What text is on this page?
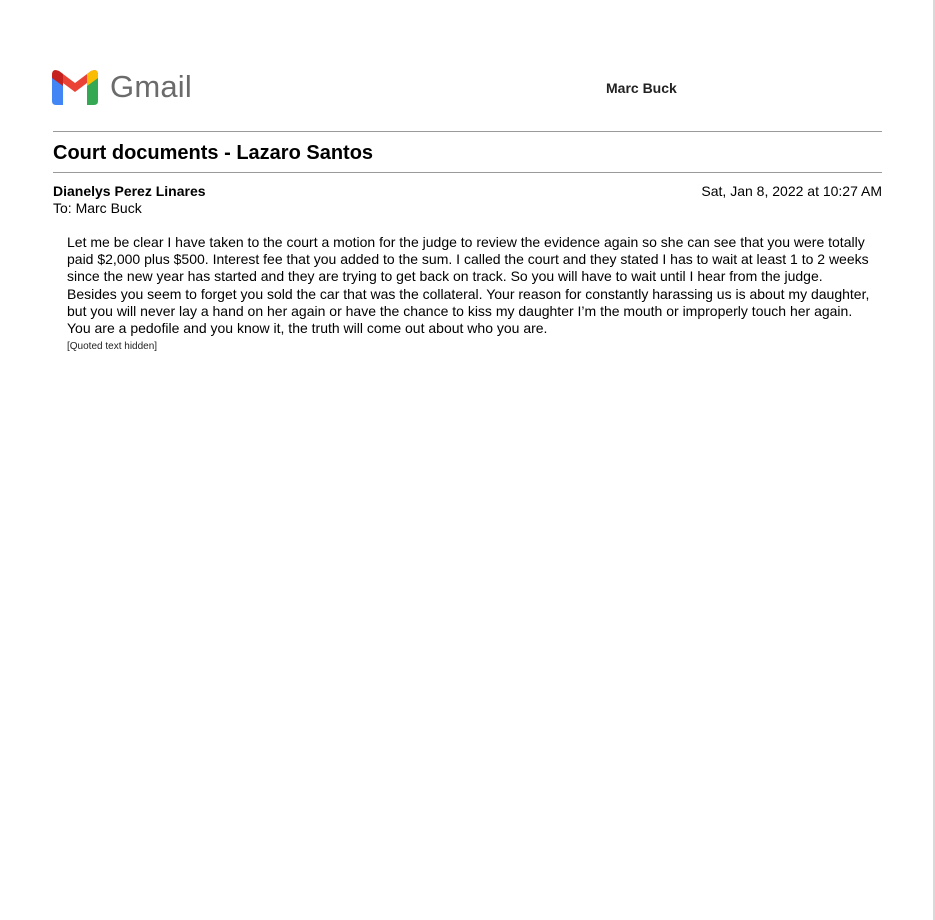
Gmail	Marc Buck
Court documents - Lazaro Santos
Dianelys Perez Linares	Sat, Jan 8, 2022 at 10:27 AM
To: Marc Buck
Let me be clear I have taken to the court a motion for the judge to review the evidence again so she can see that you were totally paid $2,000 plus $500. Interest fee that you added to the sum. I called the court and they stated I has to wait at least 1 to 2 weeks since the new year has started and they are trying to get back on track. So you will have to wait until I hear from the judge. Besides you seem to forget you sold the car that was the collateral. Your reason for constantly harassing us is about my daughter, but you will never lay a hand on her again or have the chance to kiss my daughter I’m the mouth or improperly touch her again. You are a pedofile and you know it, the truth will come out about who you are.
[Quoted text hidden]
